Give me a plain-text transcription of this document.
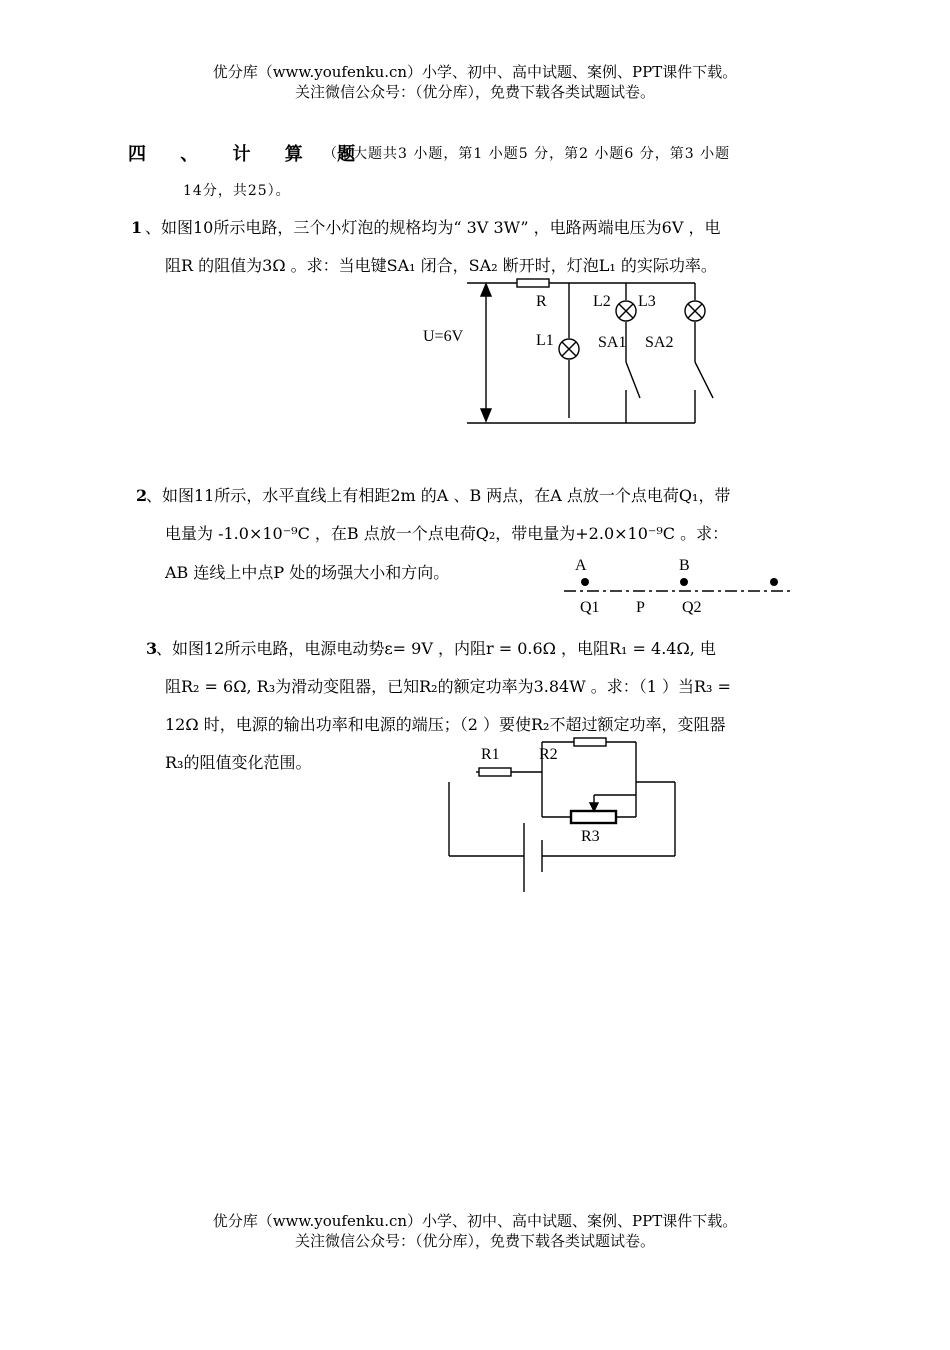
优分库（www.youfenku.cn）小学、初中、高中试题、案例、PPT课件下载。
关注微信公众号：（优分库），免费下载各类试题试卷。
四 、 计 算 题
（本大题共3 小题，第1 小题5 分，第2 小题6 分，第3 小题
14分，共25）。
1 、如图10所示电路，三个小灯泡的规格均为“ 3V 3W” ，电路两端电压为6V ，电
阻R 的阻值为3Ω 。求：当电键SA₁ 闭合，SA₂ 断开时，灯泡L₁ 的实际功率。
2
、如图11所示，水平直线上有相距2m 的A 、B 两点，在A 点放一个点电荷Q₁，带
电量为 -1.0×10⁻⁹C ，在B 点放一个点电荷Q₂，带电量为+2.0×10⁻⁹C 。求：
AB 连线上中点P 处的场强大小和方向。
3
、如图12所示电路，电源电动势ε= 9V ，内阻r = 0.6Ω ，电阻R₁ = 4.4Ω, 电
阻R₂ = 6Ω, R₃为滑动变阻器，已知R₂的额定功率为3.84W 。求：（1 ）当R₃ =
12Ω 时，电源的输出功率和电源的端压；（2 ）要使R₂不超过额定功率，变阻器
R₃的阻值变化范围。
R	L2 L3
U=6V	L1	SA1 SA2
A	B
Q1 P Q2
R1 R2
R3
优分库（www.youfenku.cn）小学、初中、高中试题、案例、PPT课件下载。
关注微信公众号：（优分库），免费下载各类试题试卷。
